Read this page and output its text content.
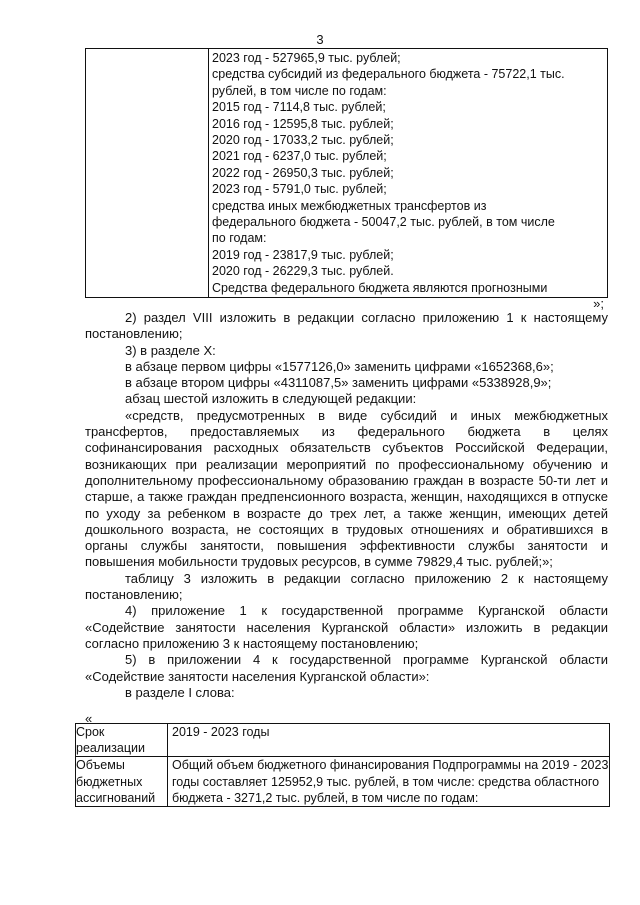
3

2023 год - 527965,9 тыс. рублей;
средства субсидий из федерального бюджета - 75722,1 тыс.
рублей, в том числе по годам:
2015 год - 7114,8 тыс. рублей;
2016 год - 12595,8 тыс. рублей;
2020 год - 17033,2 тыс. рублей;
2021 год - 6237,0 тыс. рублей;
2022 год - 26950,3 тыс. рублей;
2023 год - 5791,0 тыс. рублей;
средства иных межбюджетных трансфертов из
федерального бюджета - 50047,2 тыс. рублей, в том числе
по годам:
2019 год - 23817,9 тыс. рублей;
2020 год - 26229,3 тыс. рублей.
Средства федерального бюджета являются прогнозными
»;

2) раздел VIII изложить в редакции согласно приложению 1 к настоящему постановлению;

3) в разделе X:

в абзаце первом цифры «1577126,0» заменить цифрами «1652368,6»;

в абзаце втором цифры «4311087,5» заменить цифрами «5338928,9»;

абзац шестой изложить в следующей редакции:

«средств, предусмотренных в виде субсидий и иных межбюджетных трансфертов, предоставляемых из федерального бюджета в целях софинансирования расходных обязательств субъектов Российской Федерации, возникающих при реализации мероприятий по профессиональному обучению и дополнительному профессиональному образованию граждан в возрасте 50-ти лет и старше, а также граждан предпенсионного возраста, женщин, находящихся в отпуске по уходу за ребенком в возрасте до трех лет, а также женщин, имеющих детей дошкольного возраста, не состоящих в трудовых отношениях и обратившихся в органы службы занятости, повышения эффективности службы занятости и повышения мобильности трудовых ресурсов, в сумме 79829,4 тыс. рублей;»;

таблицу 3 изложить в редакции согласно приложению 2 к настоящему постановлению;

4) приложение 1 к государственной программе Курганской области «Содействие занятости населения Курганской области» изложить в редакции согласно приложению 3 к настоящему постановлению;

5) в приложении 4 к государственной программе Курганской области «Содействие занятости населения Курганской области»:

в разделе I слова:

«
Срок реализации	2019 - 2023 годы
Объемы бюджетных ассигнований	Общий объем бюджетного финансирования Подпрограммы на 2019 - 2023 годы составляет 125952,9 тыс. рублей, в том числе: средства областного бюджета - 3271,2 тыс. рублей, в том числе по годам:
